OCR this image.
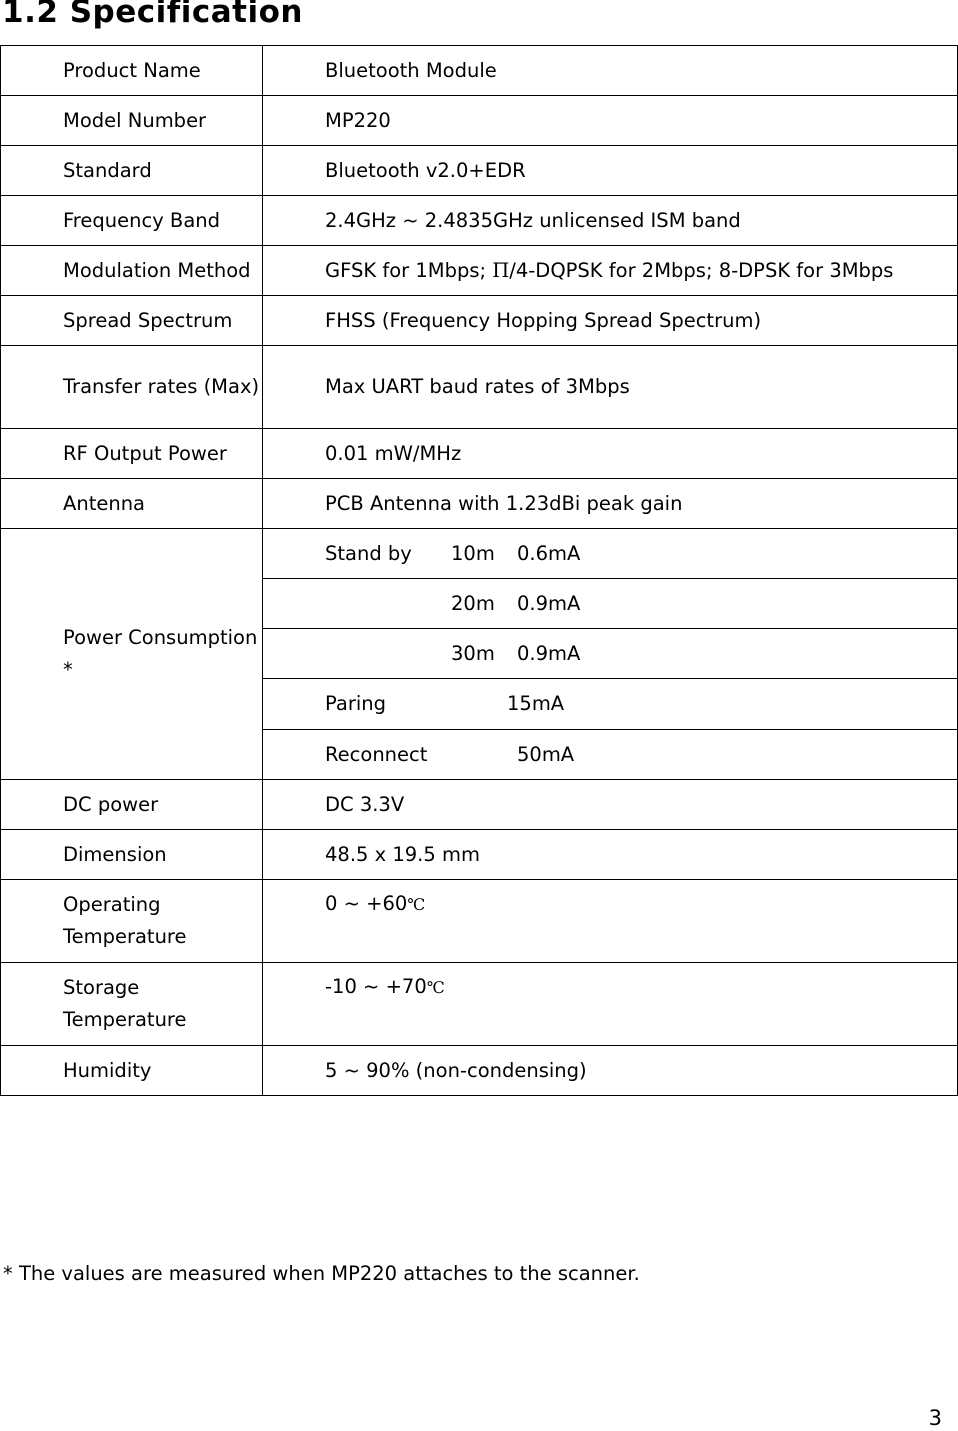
1.2 Specification
Product Name	Bluetooth Module
Model Number	MP220
Standard	Bluetooth v2.0+EDR
Frequency Band	2.4GHz ~ 2.4835GHz unlicensed ISM band
Modulation Method	GFSK for 1Mbps; Π/4-DQPSK for 2Mbps; 8-DPSK for 3Mbps
Spread Spectrum	FHSS (Frequency Hopping Spread Spectrum)
Transfer rates (Max)	Max UART baud rates of 3Mbps
RF Output Power	0.01 mW/MHz
Antenna	PCB Antenna with 1.23dBi peak gain
Power Consumption *	Stand by 10m 0.6mA
	20m 0.9mA
	30m 0.9mA
	Paring 15mA
	Reconnect 50mA
DC power	DC 3.3V
Dimension	48.5 x 19.5 mm
Operating Temperature	0 ~ +60℃
Storage Temperature	-10 ~ +70℃
Humidity	5 ~ 90% (non-condensing)
* The values are measured when MP220 attaches to the scanner.
3
